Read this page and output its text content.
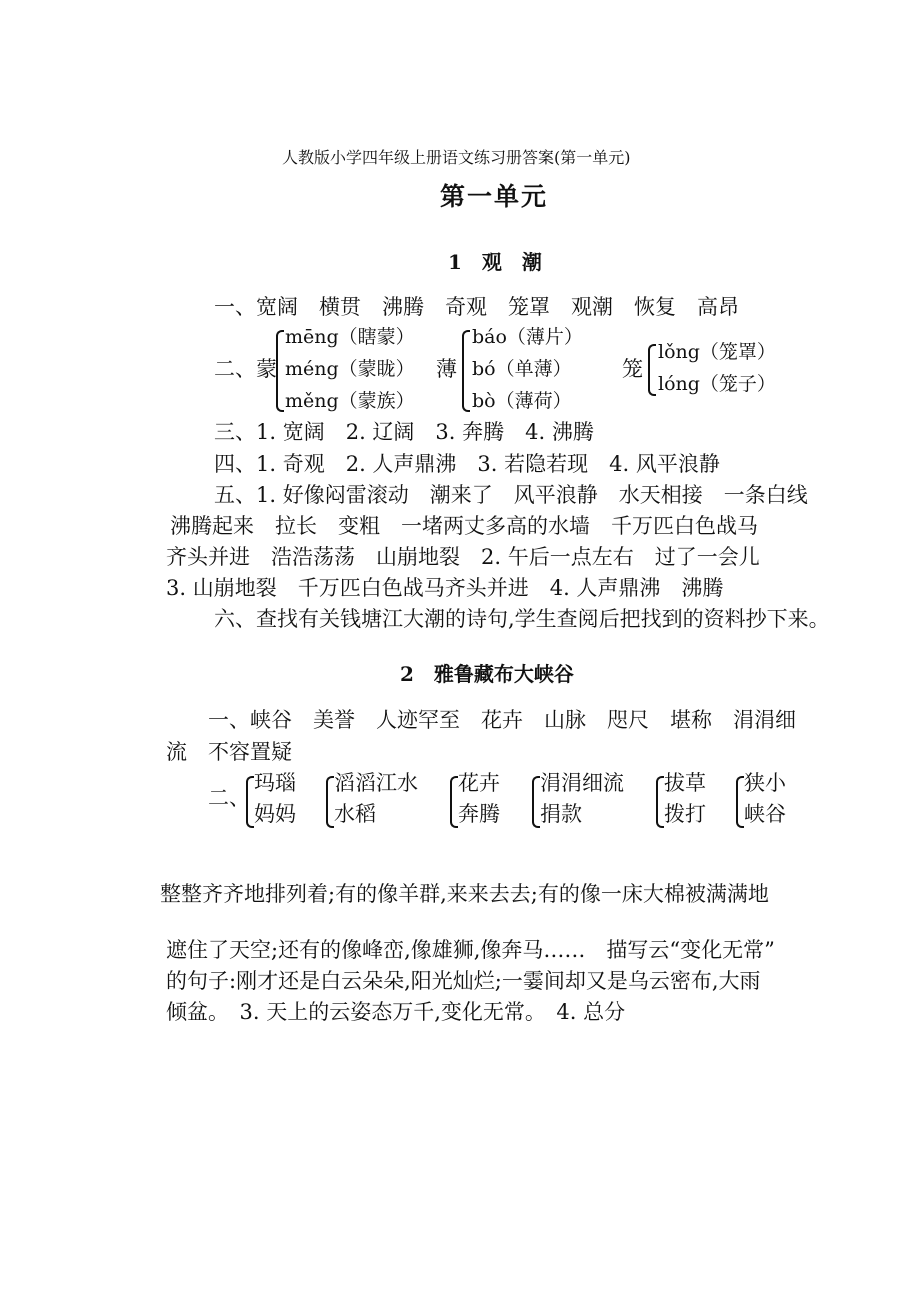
人教版小学四年级上册语文练习册答案(第一单元)
第一单元
1　观　潮
一、宽阔　横贯　沸腾　奇观　笼罩　观潮　恢复　高昂
二、蒙
mēng（瞎蒙）
méng（蒙眬）
měng（蒙族）
薄
báo（薄片）
bó（单薄）
bò（薄荷）
笼
lǒng（笼罩）
lóng（笼子）
三、1. 宽阔　2. 辽阔　3. 奔腾　4. 沸腾
四、1. 奇观　2. 人声鼎沸　3. 若隐若现　4. 风平浪静
五、1. 好像闷雷滚动　潮来了　风平浪静　水天相接　一条白线
沸腾起来　拉长　变粗　一堵两丈多高的水墙　千万匹白色战马
齐头并进　浩浩荡荡　山崩地裂　2. 午后一点左右　过了一会儿
3. 山崩地裂　千万匹白色战马齐头并进　4. 人声鼎沸　沸腾
六、查找有关钱塘江大潮的诗句,学生查阅后把找到的资料抄下来。
2　雅鲁藏布大峡谷
一、峡谷　美誉　人迹罕至　花卉　山脉　咫尺　堪称　涓涓细
流　不容置疑
二、
玛瑙
妈妈
滔滔江水
水稻
花卉
奔腾
涓涓细流
捐款
拔草
拨打
狭小
峡谷
整整齐齐地排列着;有的像羊群,来来去去;有的像一床大棉被满满地
遮住了天空;还有的像峰峦,像雄狮,像奔马……　描写云“变化无常”
的句子:刚才还是白云朵朵,阳光灿烂;一霎间却又是乌云密布,大雨
倾盆。　3. 天上的云姿态万千,变化无常。　4. 总分
